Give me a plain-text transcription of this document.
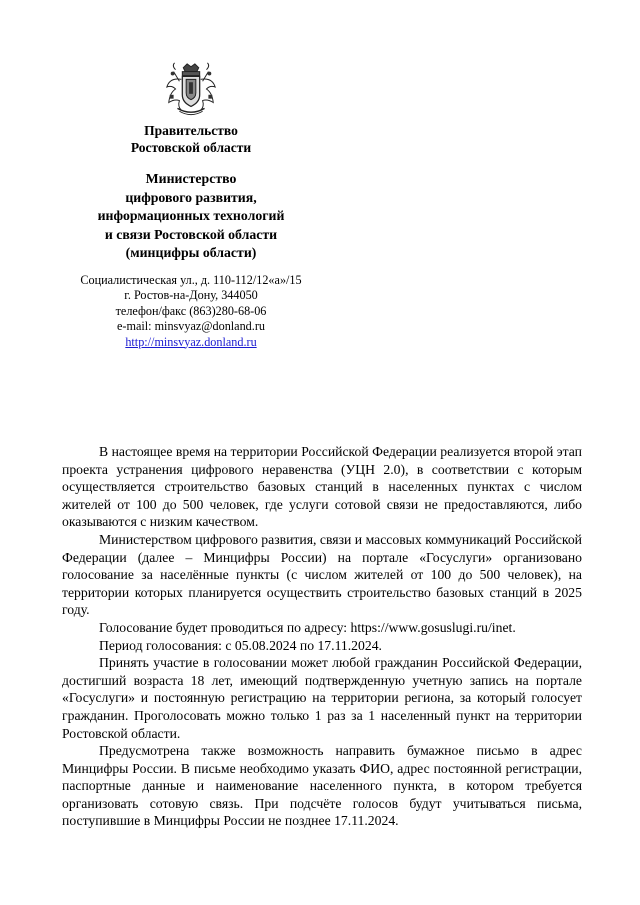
Правительство
Ростовской области
Министерство
цифрового развития,
информационных технологий
и связи Ростовской области
(минцифры области)
Социалистическая ул., д. 110-112/12«а»/15
г. Ростов-на-Дону, 344050
телефон/факс (863)280-68-06
e-mail: minsvyaz@donland.ru
http://minsvyaz.donland.ru

В настоящее время на территории Российской Федерации реализуется второй этап проекта устранения цифрового неравенства (УЦН 2.0), в соответствии с которым осуществляется строительство базовых станций в населенных пунктах с числом жителей от 100 до 500 человек, где услуги сотовой связи не предоставляются, либо оказываются с низким качеством.

Министерством цифрового развития, связи и массовых коммуникаций Российской Федерации (далее – Минцифры России) на портале «Госуслуги» организовано голосование за населённые пункты (с числом жителей от 100 до 500 человек), на территории которых планируется осуществить строительство базовых станций в 2025 году.

Голосование будет проводиться по адресу: https://www.gosuslugi.ru/inet.

Период голосования: с 05.08.2024 по 17.11.2024.

Принять участие в голосовании может любой гражданин Российской Федерации, достигший возраста 18 лет, имеющий подтвержденную учетную запись на портале «Госуслуги» и постоянную регистрацию на территории региона, за который голосует гражданин. Проголосовать можно только 1 раз за 1 населенный пункт на территории Ростовской области.

Предусмотрена также возможность направить бумажное письмо в адрес Минцифры России. В письме необходимо указать ФИО, адрес постоянной регистрации, паспортные данные и наименование населенного пункта, в котором требуется организовать сотовую связь. При подсчёте голосов будут учитываться письма, поступившие в Минцифры России не позднее 17.11.2024.
